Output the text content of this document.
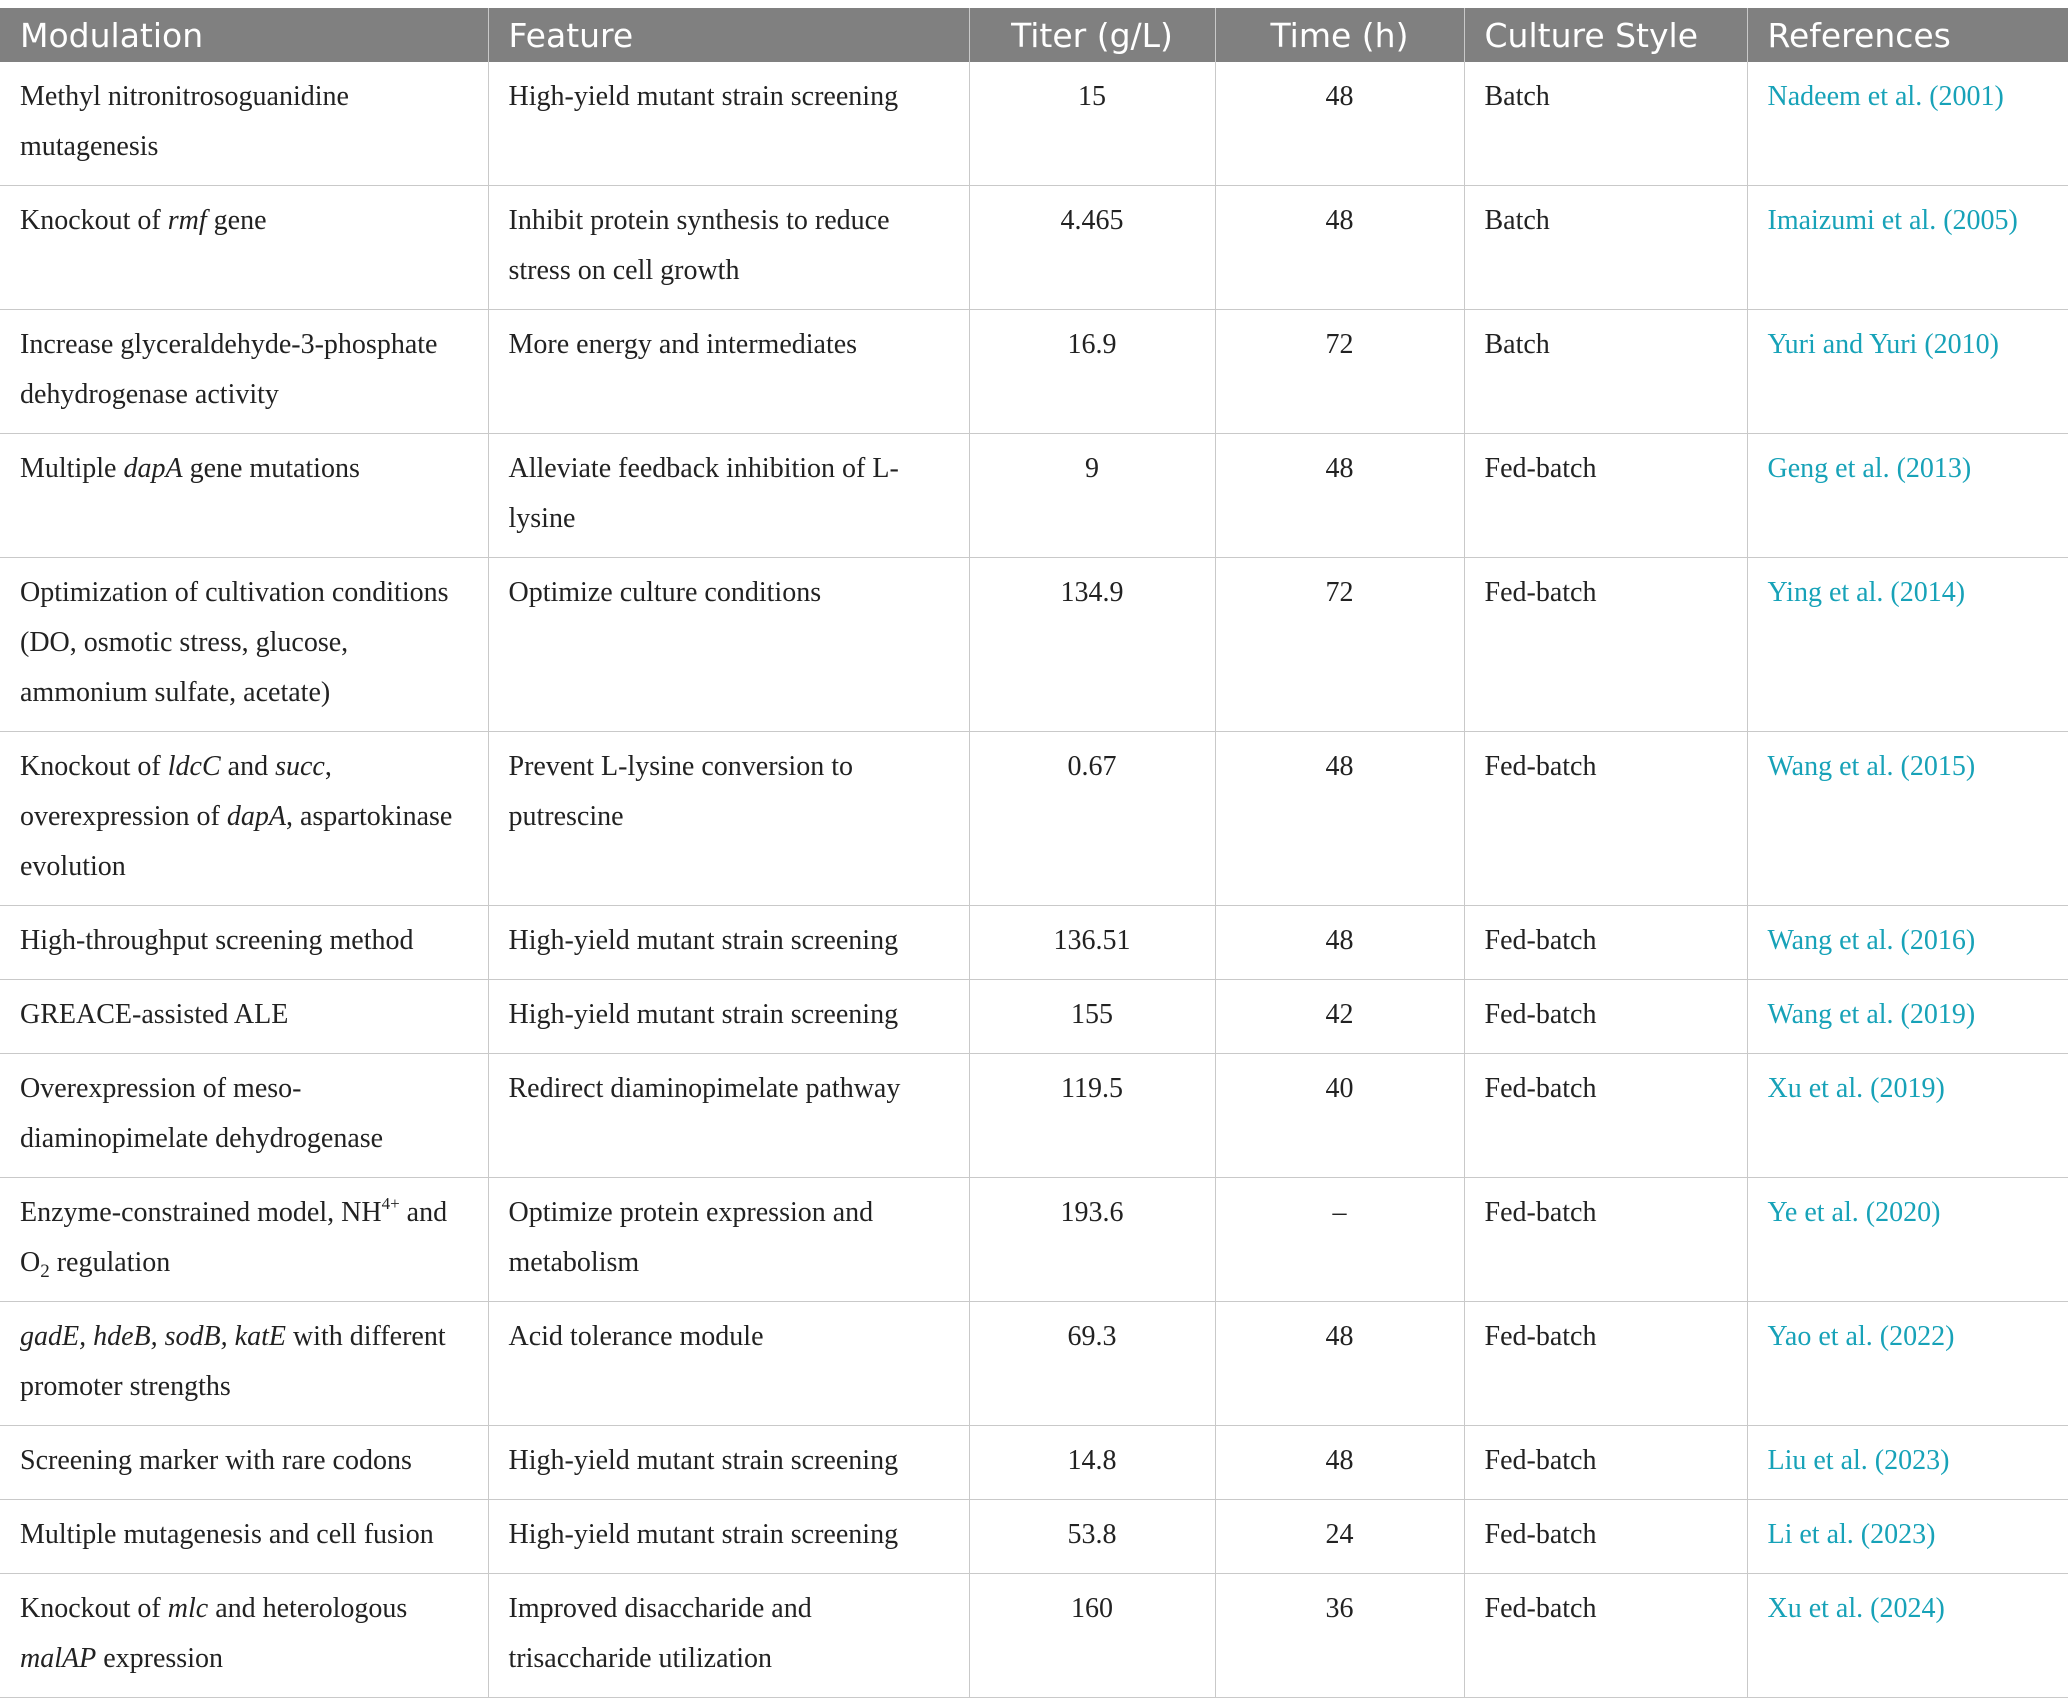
Modulation	Feature	Titer (g/L)	Time (h)	Culture Style	References
Methyl nitronitrosoguanidine mutagenesis	High-yield mutant strain screening	15	48	Batch	Nadeem et al. (2001)
Knockout of rmf gene	Inhibit protein synthesis to reduce stress on cell growth	4.465	48	Batch	Imaizumi et al. (2005)
Increase glyceraldehyde-3-phosphate dehydrogenase activity	More energy and intermediates	16.9	72	Batch	Yuri and Yuri (2010)
Multiple dapA gene mutations	Alleviate feedback inhibition of L-lysine	9	48	Fed-batch	Geng et al. (2013)
Optimization of cultivation conditions (DO, osmotic stress, glucose, ammonium sulfate, acetate)	Optimize culture conditions	134.9	72	Fed-batch	Ying et al. (2014)
Knockout of ldcC and succ, overexpression of dapA, aspartokinase evolution	Prevent L-lysine conversion to putrescine	0.67	48	Fed-batch	Wang et al. (2015)
High-throughput screening method	High-yield mutant strain screening	136.51	48	Fed-batch	Wang et al. (2016)
GREACE-assisted ALE	High-yield mutant strain screening	155	42	Fed-batch	Wang et al. (2019)
Overexpression of meso-diaminopimelate dehydrogenase	Redirect diaminopimelate pathway	119.5	40	Fed-batch	Xu et al. (2019)
Enzyme-constrained model, $NH^{4+}$ and $O_2$ regulation	Optimize protein expression and metabolism	193.6	–	Fed-batch	Ye et al. (2020)
gadE, hdeB, sodB, katE with different promoter strengths	Acid tolerance module	69.3	48	Fed-batch	Yao et al. (2022)
Screening marker with rare codons	High-yield mutant strain screening	14.8	48	Fed-batch	Liu et al. (2023)
Multiple mutagenesis and cell fusion	High-yield mutant strain screening	53.8	24	Fed-batch	Li et al. (2023)
Knockout of mlc and heterologous malAP expression	Improved disaccharide and trisaccharide utilization	160	36	Fed-batch	Xu et al. (2024)
